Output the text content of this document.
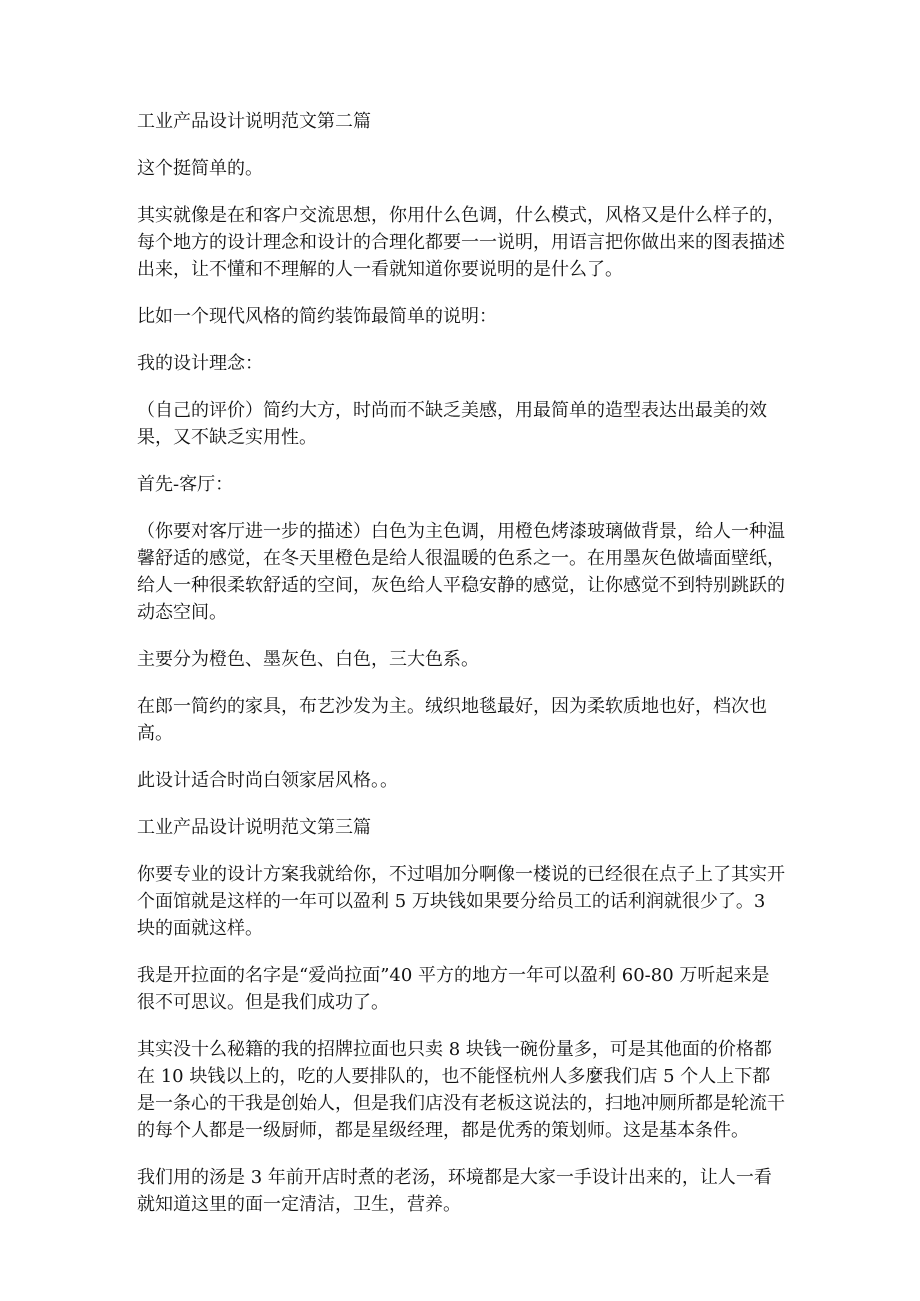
工业产品设计说明范文第二篇

这个挺简单的。

其实就像是在和客户交流思想，你用什么色调，什么模式，风格又是什么样子的，每个地方的设计理念和设计的合理化都要一一说明，用语言把你做出来的图表描述出来，让不懂和不理解的人一看就知道你要说明的是什么了。

比如一个现代风格的简约装饰最简单的说明：

我的设计理念：

（自己的评价）简约大方，时尚而不缺乏美感，用最简单的造型表达出最美的效果，又不缺乏实用性。

首先-客厅：

（你要对客厅进一步的描述）白色为主色调，用橙色烤漆玻璃做背景，给人一种温馨舒适的感觉，在冬天里橙色是给人很温暖的色系之一。在用墨灰色做墙面壁纸，给人一种很柔软舒适的空间，灰色给人平稳安静的感觉，让你感觉不到特别跳跃的动态空间。

主要分为橙色、墨灰色、白色，三大色系。

在郎一简约的家具，布艺沙发为主。绒织地毯最好，因为柔软质地也好，档次也高。

此设计适合时尚白领家居风格。。

工业产品设计说明范文第三篇

你要专业的设计方案我就给你，不过唱加分啊像一楼说的已经很在点子上了其实开个面馆就是这样的一年可以盈利 5 万块钱如果要分给员工的话利润就很少了。3 块的面就这样。

我是开拉面的名字是“爱尚拉面”40 平方的地方一年可以盈利 60-80 万听起来是很不可思议。但是我们成功了。

其实没十么秘籍的我的招牌拉面也只卖 8 块钱一碗份量多，可是其他面的价格都在 10 块钱以上的，吃的人要排队的，也不能怪杭州人多麼我们店 5 个人上下都是一条心的干我是创始人，但是我们店没有老板这说法的，扫地冲厕所都是轮流干的每个人都是一级厨师，都是星级经理，都是优秀的策划师。这是基本条件。

我们用的汤是 3 年前开店时煮的老汤，环境都是大家一手设计出来的，让人一看就知道这里的面一定清洁，卫生，营养。
